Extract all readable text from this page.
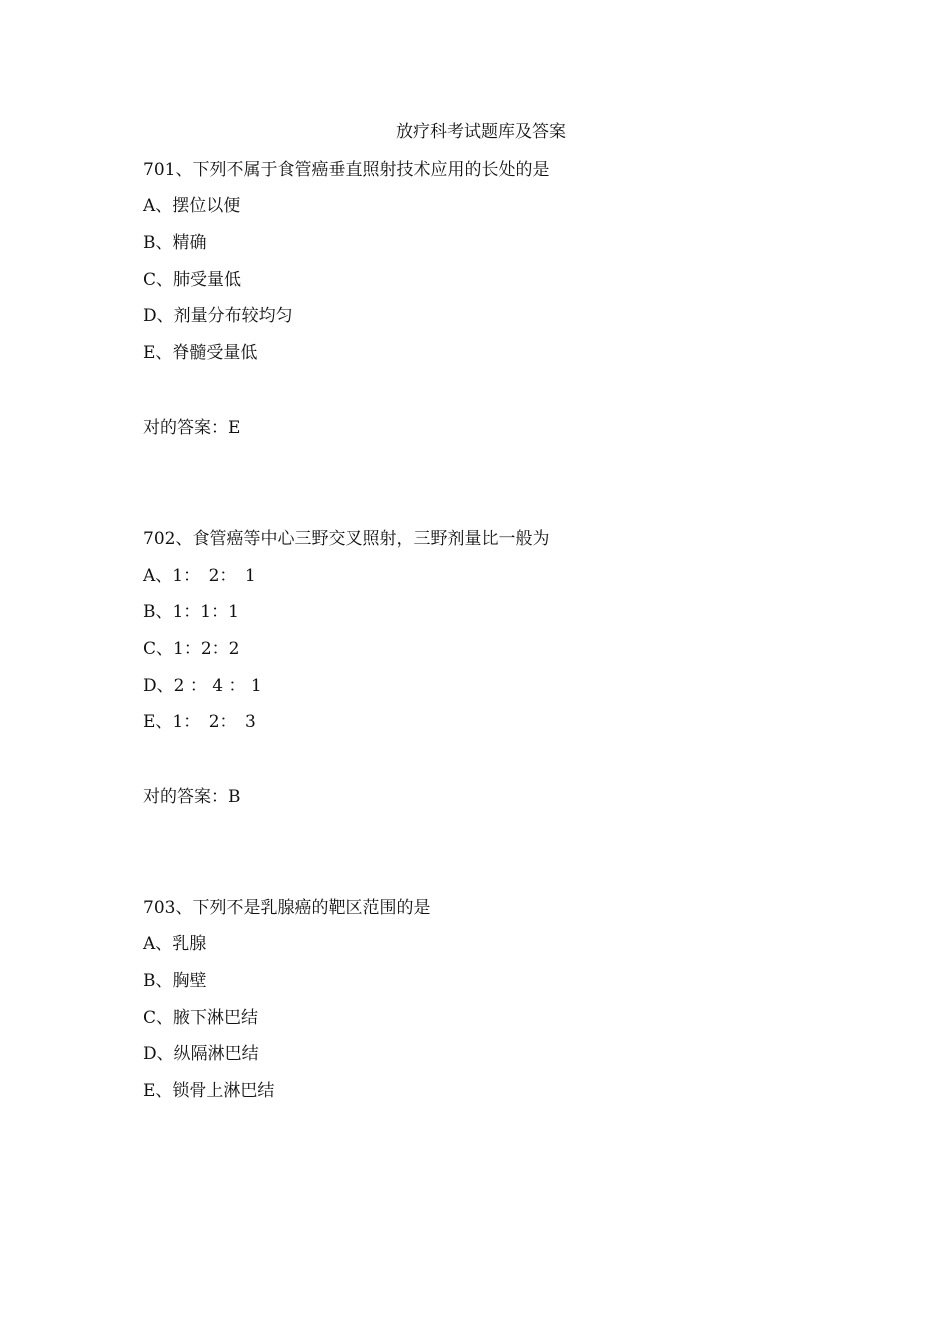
放疗科考试题库及答案
701、下列不属于食管癌垂直照射技术应用的长处的是
A、摆位以便
B、精确
C、肺受量低
D、剂量分布较均匀
E、脊髓受量低
对的答案：E
702、食管癌等中心三野交叉照射，三野剂量比一般为
A、1：　2：　1
B、1：1：1
C、1：2：2
D、2 ： 4 ： 1
E、1：　2：　3
对的答案：B
703、下列不是乳腺癌的靶区范围的是
A、乳腺
B、胸壁
C、腋下淋巴结
D、纵隔淋巴结
E、锁骨上淋巴结
